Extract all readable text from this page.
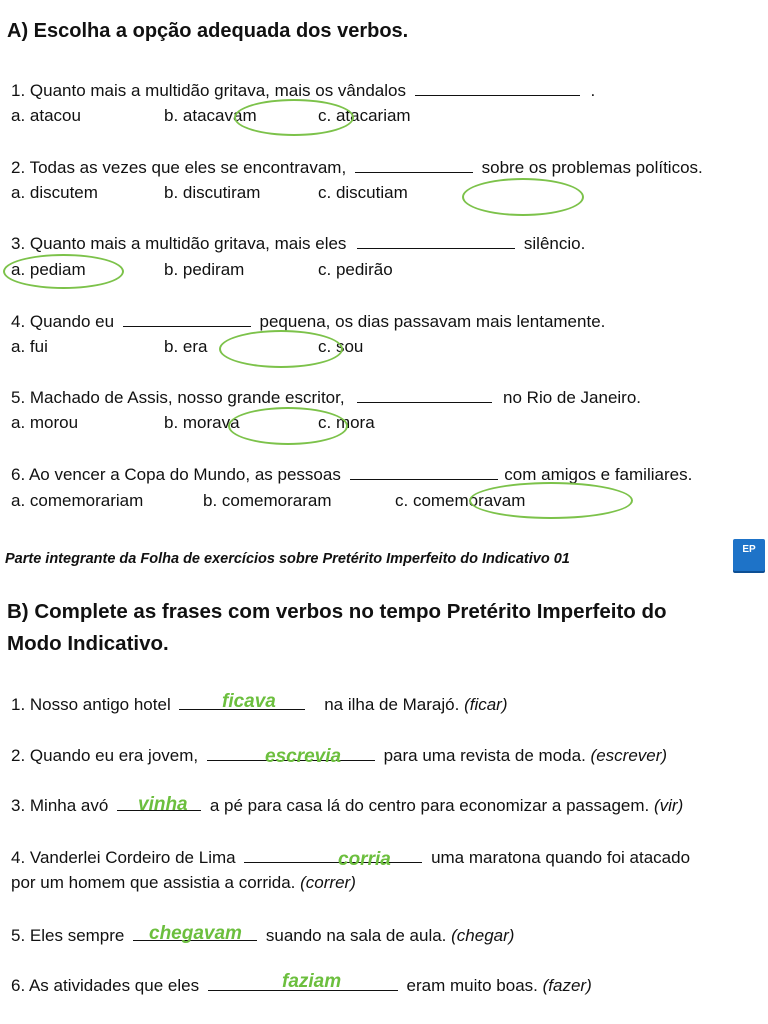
A) Escolha a opção adequada dos verbos.
1. Quanto mais a multidão gritava, mais os vândalos	.
a. atacou	b. atacavam	c. atacariam
2. Todas as vezes que eles se encontravam,	sobre os problemas políticos.
a. discutem	b. discutiram	c. discutiam
3. Quanto mais a multidão gritava, mais eles	silêncio.
a. pediam	b. pediram	c. pedirão
4. Quando eu	pequena, os dias passavam mais lentamente.
a. fui	b. era	c. sou
5. Machado de Assis, nosso grande escritor,	no Rio de Janeiro.
a. morou	b. morava	c. mora
6. Ao vencer a Copa do Mundo, as pessoas	com amigos e familiares.
a. comemorariam	b. comemoraram	c. comemoravam
Parte integrante da Folha de exercícios sobre Pretérito Imperfeito do Indicativo 01
EP
B) Complete as frases com verbos no tempo Pretérito Imperfeito do
Modo Indicativo.
1. Nosso antigo hotel	na ilha de Marajó. (ficar)
ficava
2. Quando eu era jovem,	para uma revista de moda. (escrever)
escrevia
3. Minha avó	a pé para casa lá do centro para economizar a passagem. (vir)
vinha
4. Vanderlei Cordeiro de Lima	uma maratona quando foi atacado
por um homem que assistia a corrida. (correr)
corria
5. Eles sempre	suando na sala de aula. (chegar)
chegavam
6. As atividades que eles	eram muito boas. (fazer)
faziam
